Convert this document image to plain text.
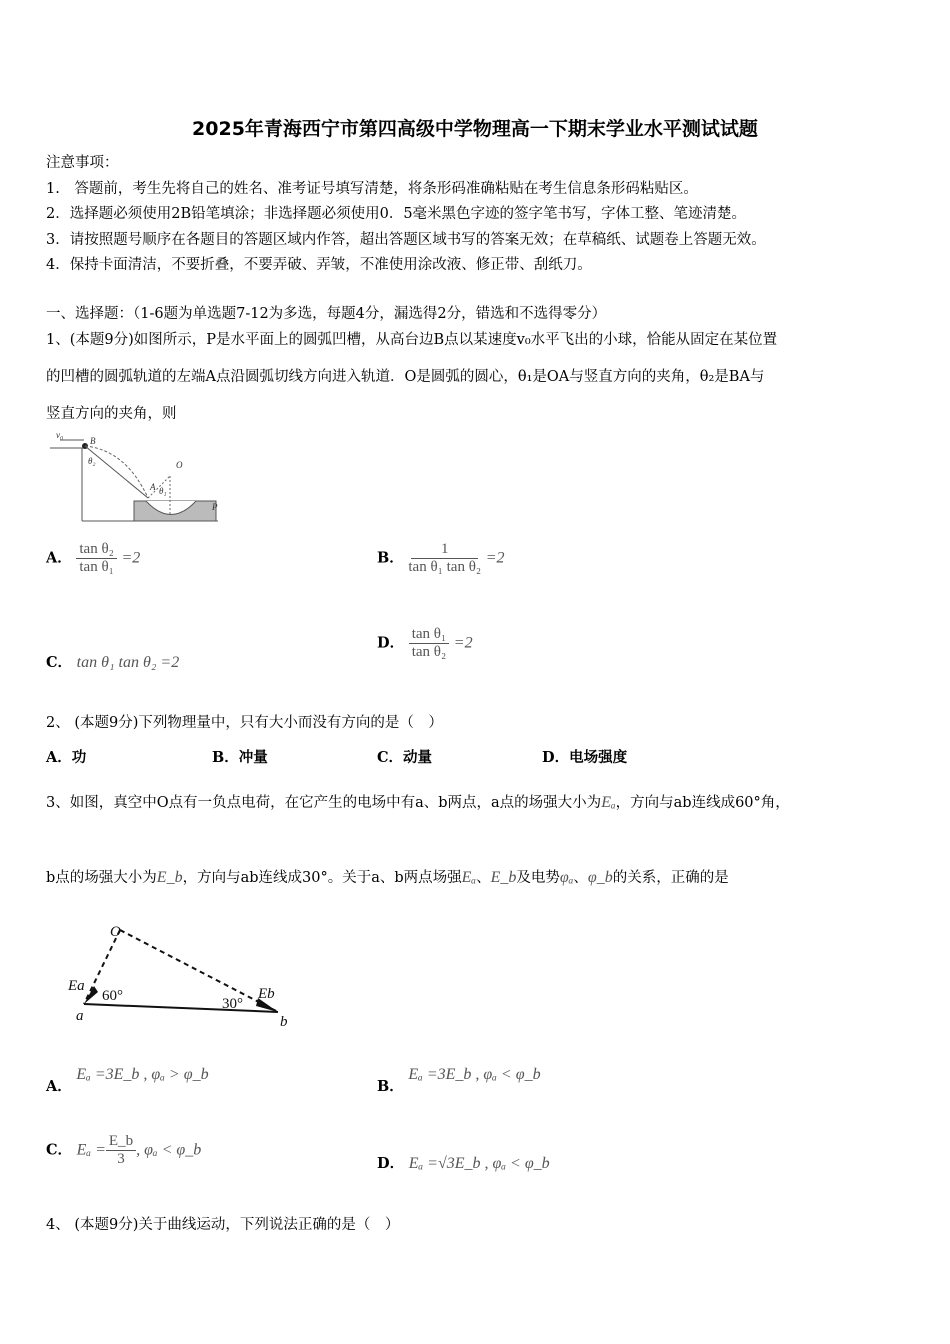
2025年青海西宁市第四高级中学物理高一下期末学业水平测试试题
注意事项：
1.　答题前，考生先将自己的姓名、准考证号填写清楚，将条形码准确粘贴在考生信息条形码粘贴区。
2．选择题必须使用2B铅笔填涂；非选择题必须使用0．5毫米黑色字迹的签字笔书写，字体工整、笔迹清楚。
3．请按照题号顺序在各题目的答题区域内作答，超出答题区域书写的答案无效；在草稿纸、试题卷上答题无效。
4．保持卡面清洁，不要折叠，不要弄破、弄皱，不准使用涂改液、修正带、刮纸刀。
一、选择题：（1-6题为单选题7-12为多选，每题4分，漏选得2分，错选和不选得零分）
1、(本题9分)如图所示，P是水平面上的圆弧凹槽，从高台边B点以某速度v₀水平飞出的小球，恰能从固定在某位置
的凹槽的圆弧轨道的左端A点沿圆弧切线方向进入轨道．O是圆弧的圆心，θ₁是OA与竖直方向的夹角，θ₂是BA与
竖直方向的夹角，则
v₀
B
θ₂	O
A θ₁
P
A． $\frac{\text{tan θ₂}}{\text{tan θ₁}} =2$	B． $\frac{1}{\text{tan θ₁ tan θ₂}} =2$
C． tan θ₁ tan θ₂ =2
D． $\frac{\text{tan θ₁}}{\text{tan θ₂}} =2$
2、 (本题9分)下列物理量中，只有大小而没有方向的是（　）
A．功	B．冲量	C．动量	D．电场强度
3、如图，真空中O点有一负点电荷，在它产生的电场中有a、b两点，a点的场强大小为Eₐ，方向与ab连线成60°角，
b点的场强大小为E_b，方向与ab连线成30°。关于a、b两点场强Eₐ、E_b及电势φₐ、φ_b的关系，正确的是
O
Ea
60°
a
30°
Eb
b
A． Eₐ =3E_b , φₐ > φ_b
B． Eₐ =3E_b , φₐ < φ_b
C． $E_a = \frac{E\_b}{3}$ , φₐ < φ_b
D． Eₐ =√3E_b , φₐ < φ_b
4、 (本题9分)关于曲线运动，下列说法正确的是（　）
